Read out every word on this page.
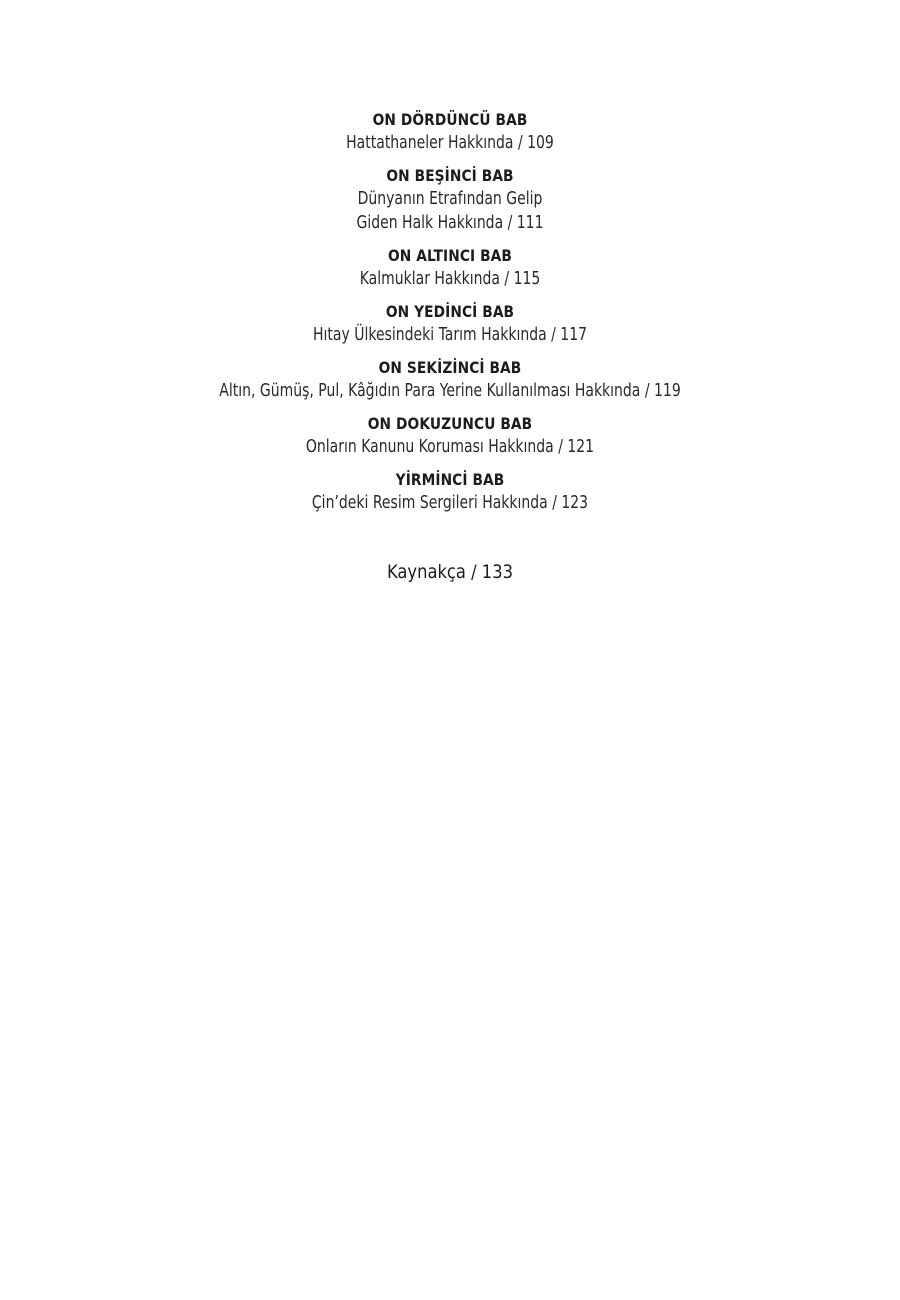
ON DÖRDÜNCÜ BAB
Hattathaneler Hakkında / 109
ON BEŞİNCİ BAB
Dünyanın Etrafından Gelip
Giden Halk Hakkında / 111
ON ALTINCI BAB
Kalmuklar Hakkında / 115
ON YEDİNCİ BAB
Hıtay Ülkesindeki Tarım Hakkında / 117
ON SEKİZİNCİ BAB
Altın, Gümüş, Pul, Kâğıdın Para Yerine Kullanılması Hakkında / 119
ON DOKUZUNCU BAB
Onların Kanunu Koruması Hakkında / 121
YİRMİNCİ BAB
Çin’deki Resim Sergileri Hakkında / 123
Kaynakça / 133
